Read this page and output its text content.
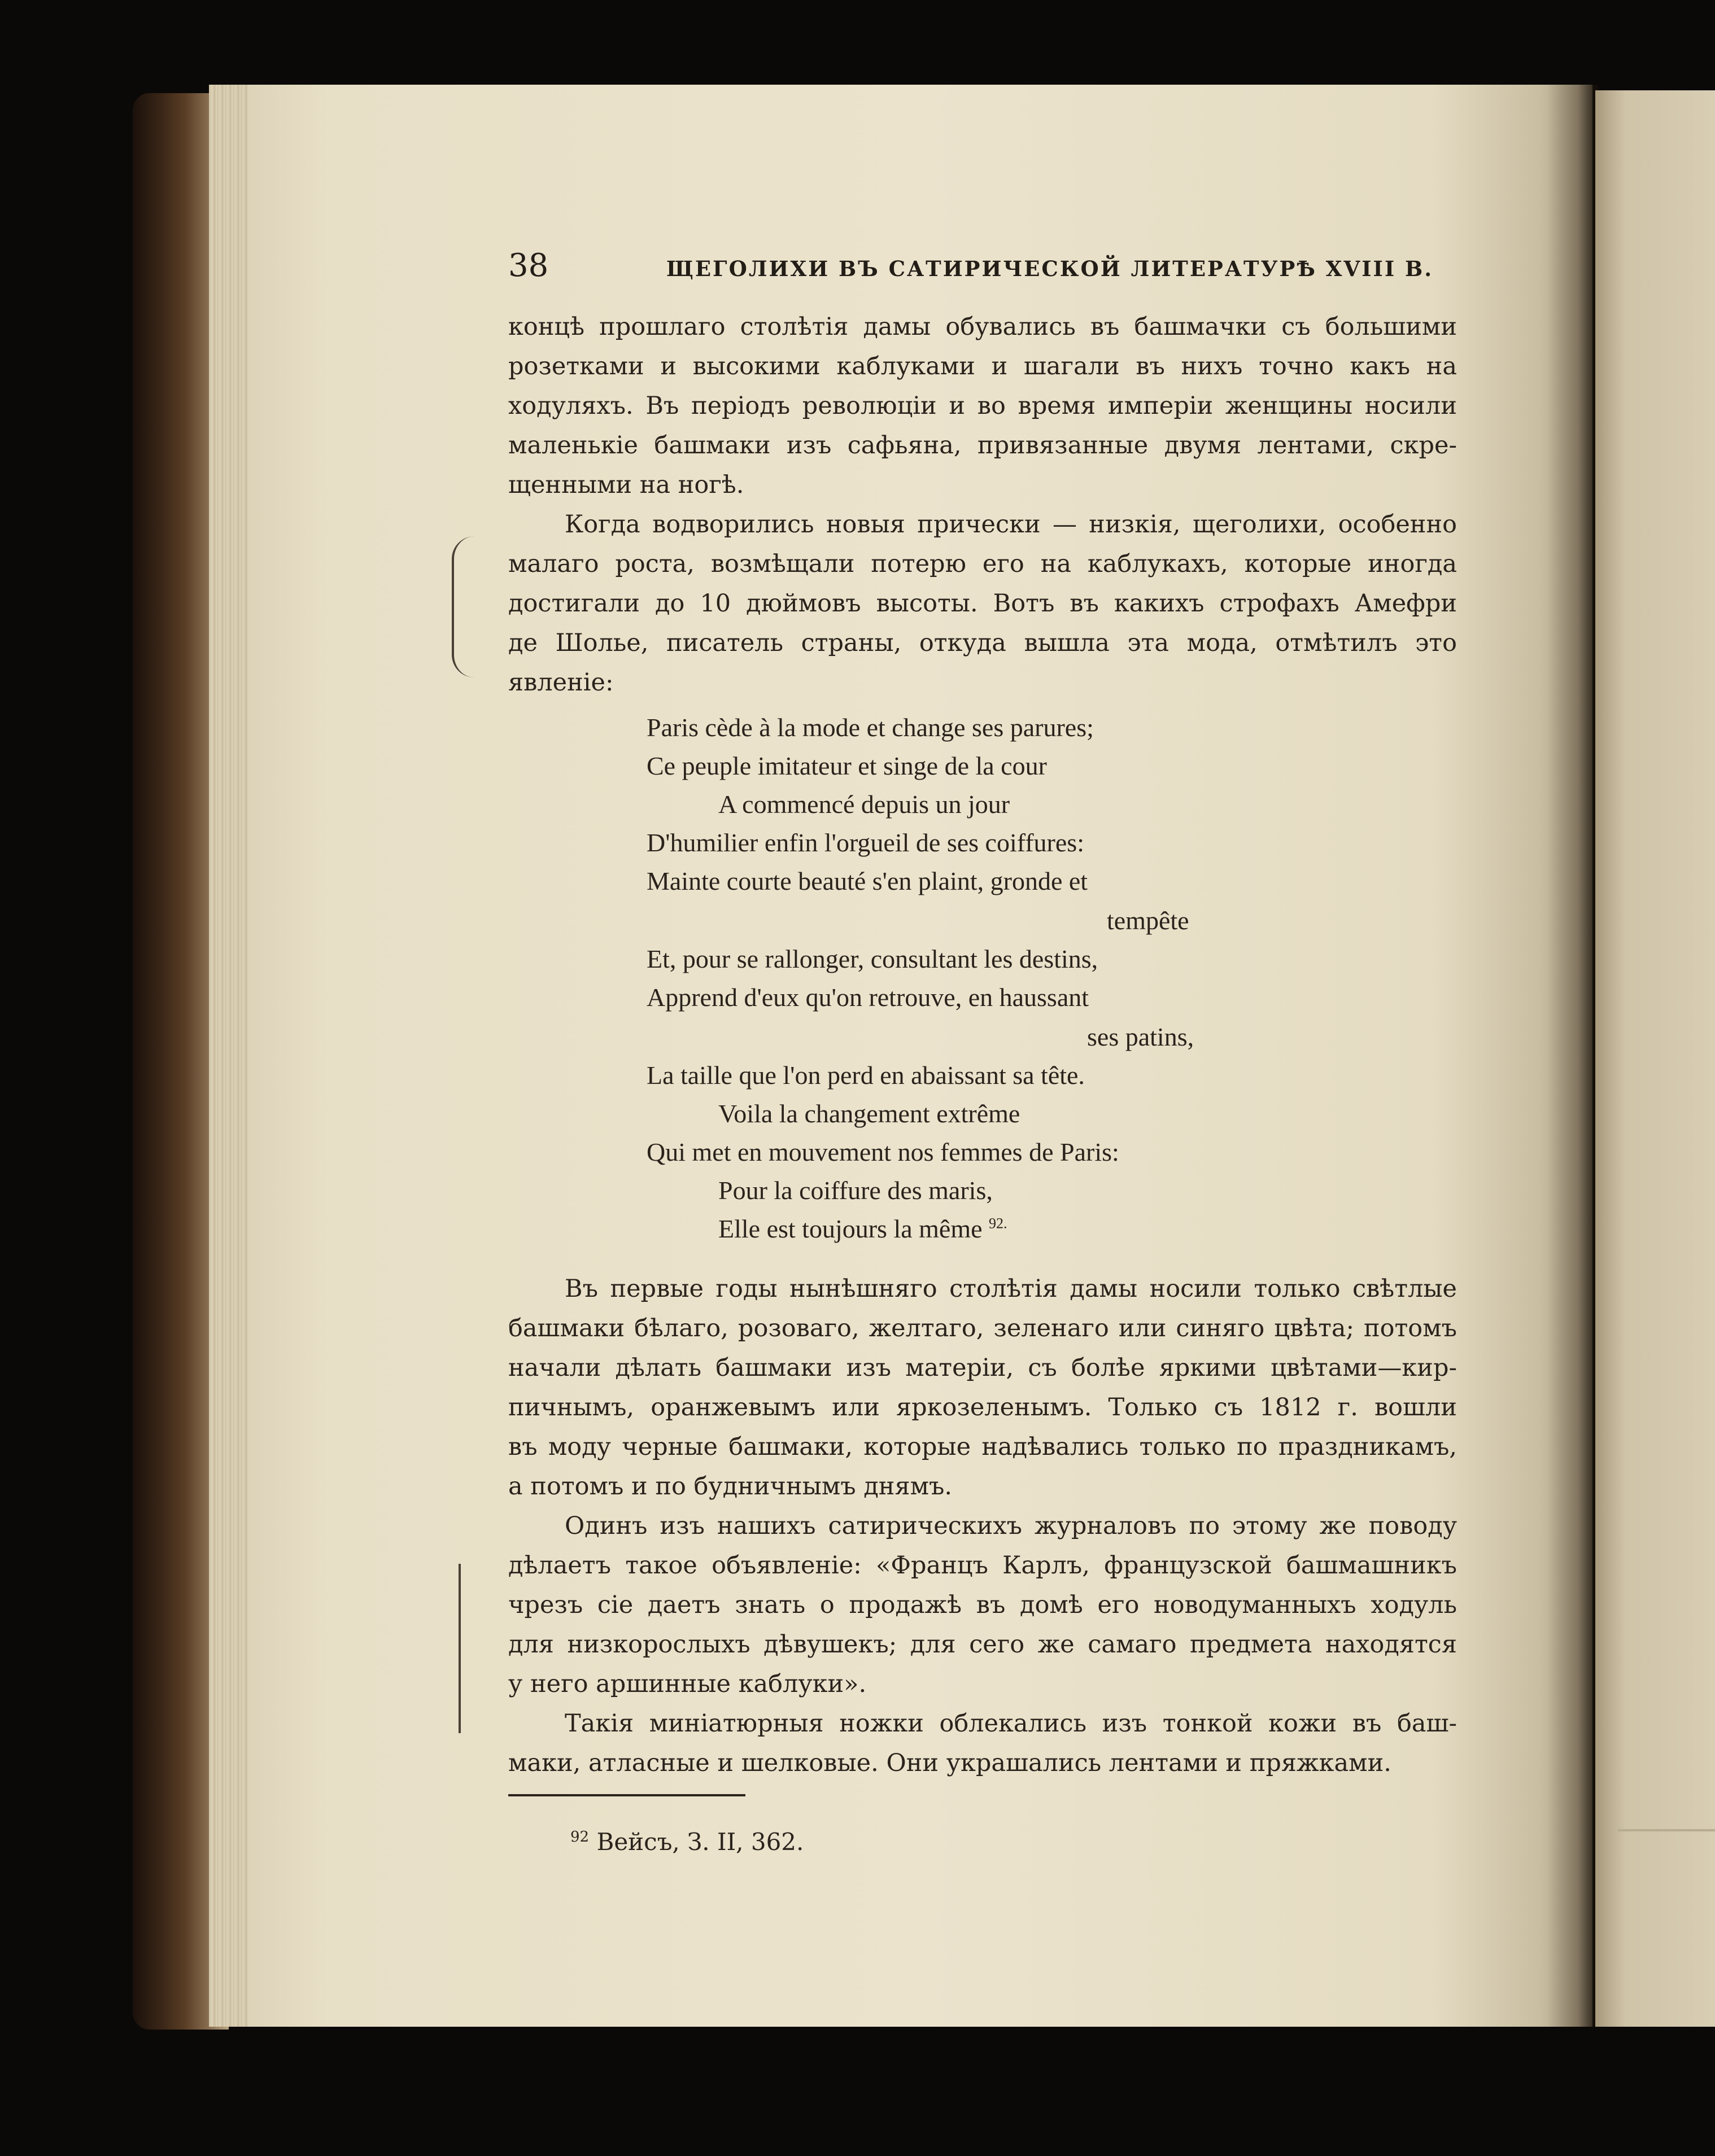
38	ЩЕГОЛИХИ ВЪ САТИРИЧЕСКОЙ ЛИТЕРАТУРѢ XVIII В.
концѣ прошлаго столѣтія дамы обувались въ башмачки съ большими
розетками и высокими каблуками и шагали въ нихъ точно какъ на
ходуляхъ. Въ періодъ революціи и во время имперіи женщины носили
маленькіе башмаки изъ сафьяна, привязанные двумя лентами, скре-
щенными на ногѣ.
Когда водворились новыя прически — низкія, щеголихи, особенно
малаго роста, возмѣщали потерю его на каблукахъ, которые иногда
достигали до 10 дюймовъ высоты. Вотъ въ какихъ строфахъ Амефри
де Шолье, писатель страны, откуда вышла эта мода, отмѣтилъ это
явленіе:
Paris cède à la mode et change ses parures;
Ce peuple imitateur et singe de la cour
A commencé depuis un jour
D'humilier enfin l'orgueil de ses coiffures:
Mainte courte beauté s'en plaint, gronde et
tempête
Et, pour se rallonger, consultant les destins,
Apprend d'eux qu'on retrouve, en haussant
ses patins,
La taille que l'on perd en abaissant sa tête.
Voila la changement extrême
Qui met en mouvement nos femmes de Paris:
Pour la coiffure des maris,
Elle est toujours la même $^{92.}$
Въ первые годы нынѣшняго столѣтія дамы носили только свѣтлые
башмаки бѣлаго, розоваго, желтаго, зеленаго или синяго цвѣта; потомъ
начали дѣлать башмаки изъ матеріи, съ болѣе яркими цвѣтами—кир-
пичнымъ, оранжевымъ или яркозеленымъ. Только съ 1812 г. вошли
въ моду черные башмаки, которые надѣвались только по праздникамъ,
а потомъ и по будничнымъ днямъ.
Одинъ изъ нашихъ сатирическихъ журналовъ по этому же поводу
дѣлаетъ такое объявленіе: «Францъ Карлъ, французской башмашникъ
чрезъ сіе даетъ знать о продажѣ въ домѣ его новодуманныхъ ходуль
для низкорослыхъ дѣвушекъ; для сего же самаго предмета находятся
у него аршинные каблуки».
Такія миніатюрныя ножки облекались изъ тонкой кожи въ баш-
маки, атласные и шелковые. Они украшались лентами и пряжками.
$^{92}$ Вейсъ, З. II, 362.
